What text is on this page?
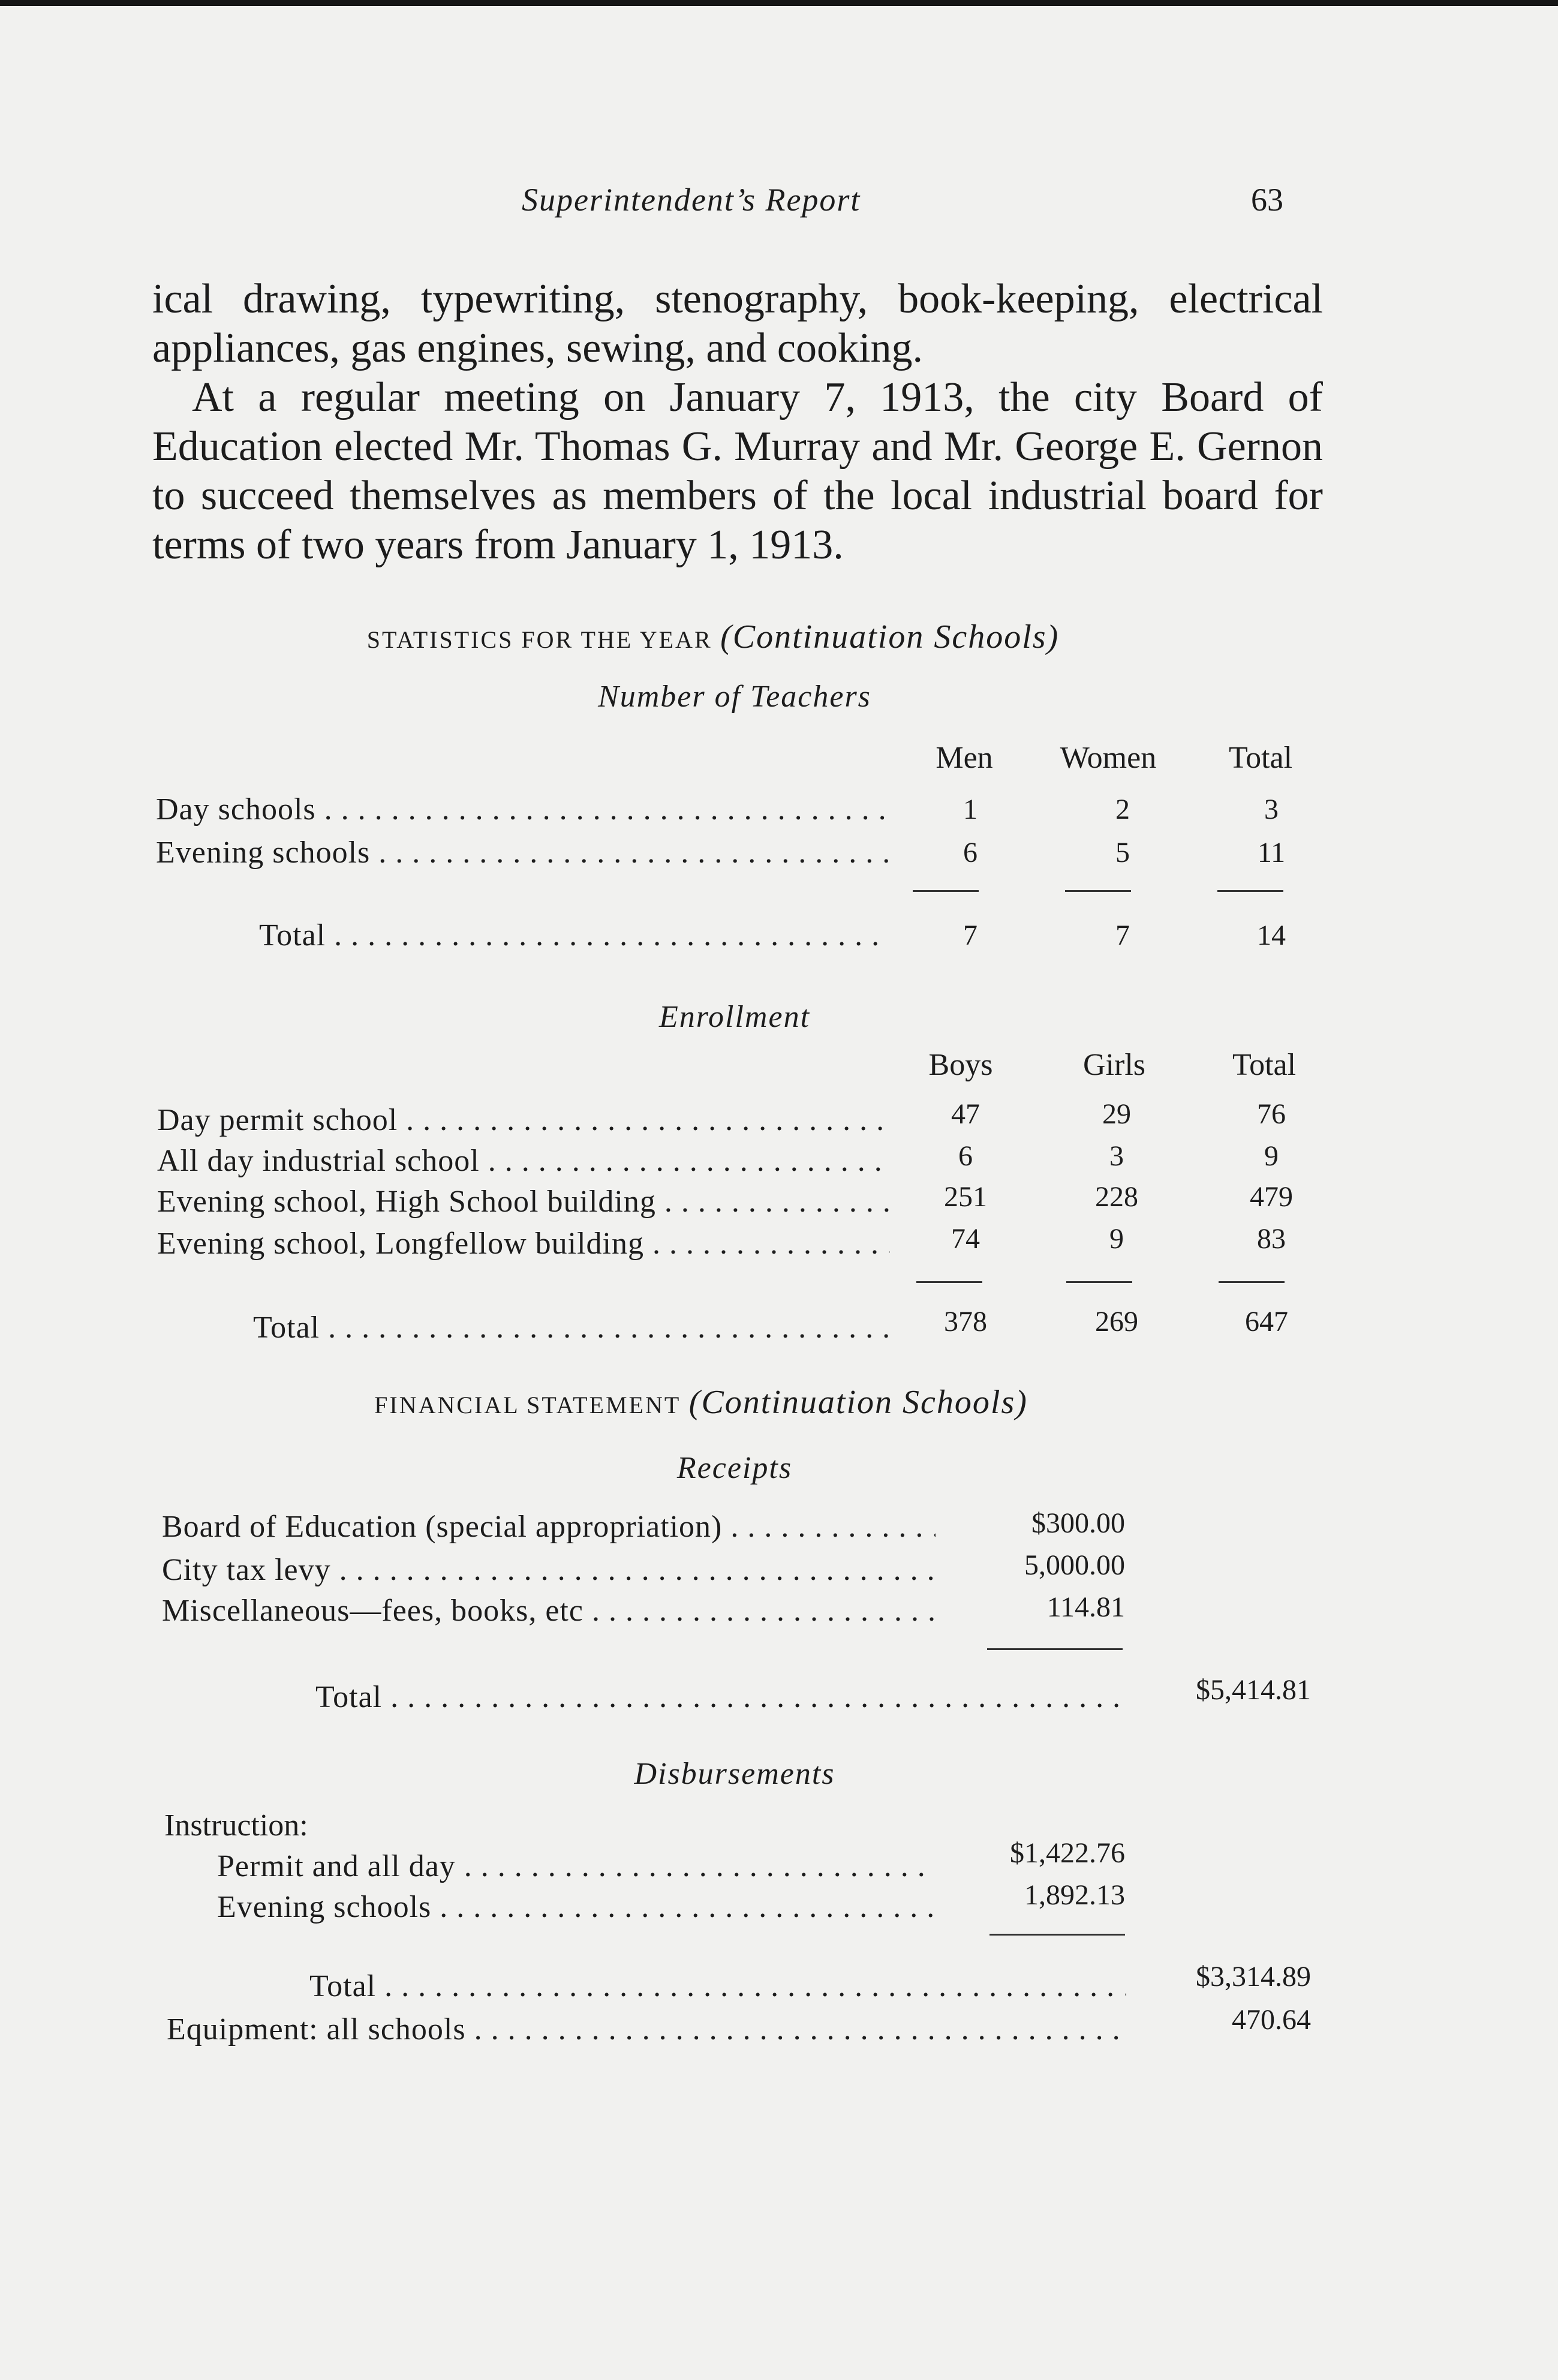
Superintendent’s Report	63

ical drawing, typewriting, stenography, book-keeping, electrical appliances, gas engines, sewing, and cooking.

At a regular meeting on January 7, 1913, the city Board of Education elected Mr. Thomas G. Murray and Mr. George E. Gernon to succeed themselves as members of the local industrial board for terms of two years from January 1, 1913.

STATISTICS FOR THE YEAR (Continuation Schools)
Number of Teachers
Men	Women	Total
Day schools . . .	1	2	3
Evening schools . . .	6	5	11
Total . . .	7	7	14
Enrollment
Boys	Girls	Total
Day permit school . . .	47	29	76
All day industrial school . . .	6	3	9
Evening school, High School building . . .	251	228	479
Evening school, Longfellow building . . .	74	9	83
Total . . .	378	269	647
FINANCIAL STATEMENT (Continuation Schools)
Receipts
Board of Education (special appropriation) . . .	$300.00
City tax levy . . .	5,000.00
Miscellaneous—fees, books, etc . . .	114.81
Total . . .	$5,414.81
Disbursements
Instruction:
Permit and all day . . .	$1,422.76
Evening schools . . .	1,892.13
Total . . .	$3,314.89
Equipment: all schools . . .	470.64
